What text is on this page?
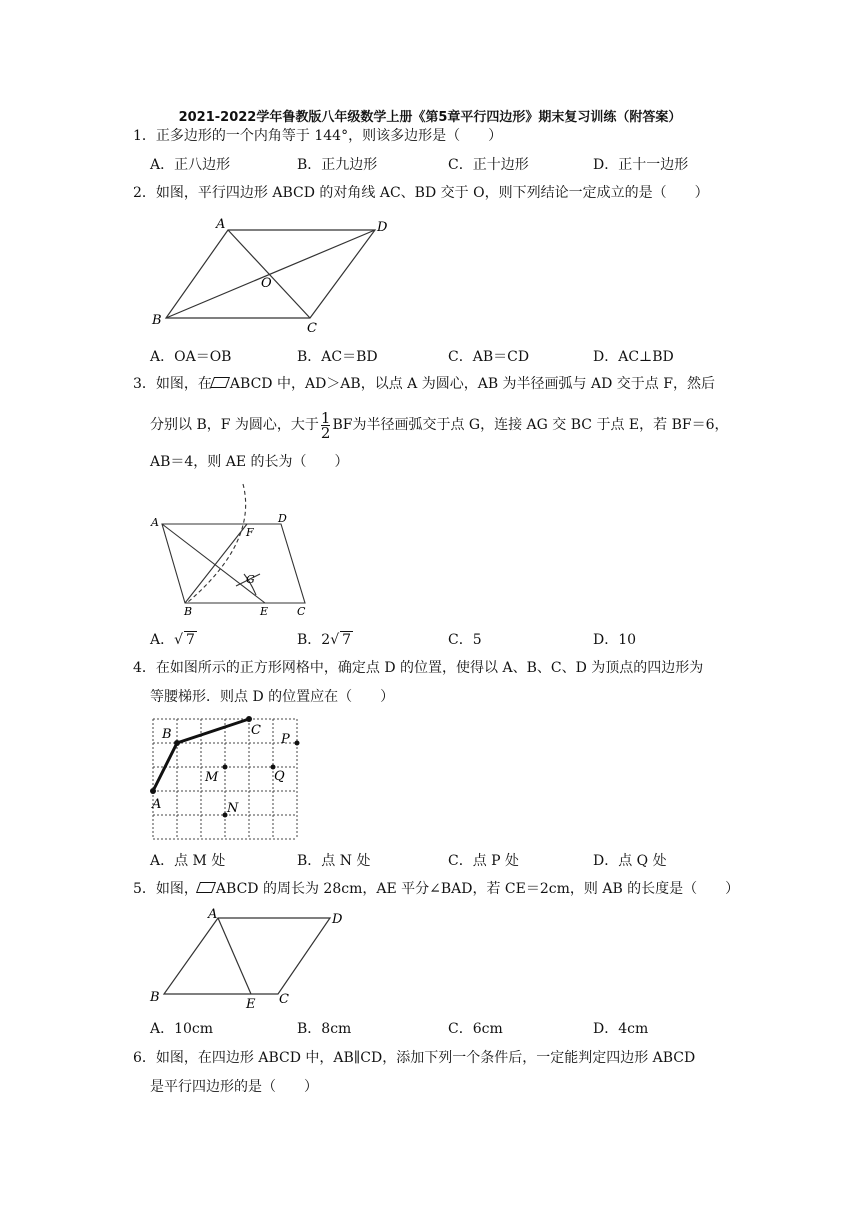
2021-2022学年鲁教版八年级数学上册《第5章平行四边形》期末复习训练（附答案）
1．正多边形的一个内角等于 144°，则该多边形是（　　）
A．正八边形	B．正九边形	C．正十边形	D．正十一边形
2．如图，平行四边形 ABCD 的对角线 AC、BD 交于 O，则下列结论一定成立的是（　　）
A	D
B
C
O
A．OA＝OB	B．AC＝BD	C．AB＝CD	D．AC⊥BD
3．如图，在 ABCD 中，AD＞AB，以点 A 为圆心，AB 为半径画弧与 AD 交于点 F，然后
分别以 B，F 为圆心，大于 $\frac{1}{2}$ BF为半径画弧交于点 G，连接 AG 交 BC 于点 E，若 BF＝6，
AB＝4，则 AE 的长为（　　）
A	D
F
G
B	E	C
A．√ 7	B．2√ 7	C．5	D．10
4．在如图所示的正方形网格中，确定点 D 的位置，使得以 A、B、C、D 为顶点的四边形为
等腰梯形．则点 D 的位置应在（　　）
A
B	C
M
N
P
Q
A．点 M 处	B．点 N 处	C．点 P 处	D．点 Q 处
5．如图， ABCD 的周长为 28cm，AE 平分∠BAD，若 CE＝2cm，则 AB 的长度是（　　）
A	D
B	E C
A．10cm	B．8cm	C．6cm	D．4cm
6．如图，在四边形 ABCD 中，AB∥CD，添加下列一个条件后，一定能判定四边形 ABCD
是平行四边形的是（　　）
